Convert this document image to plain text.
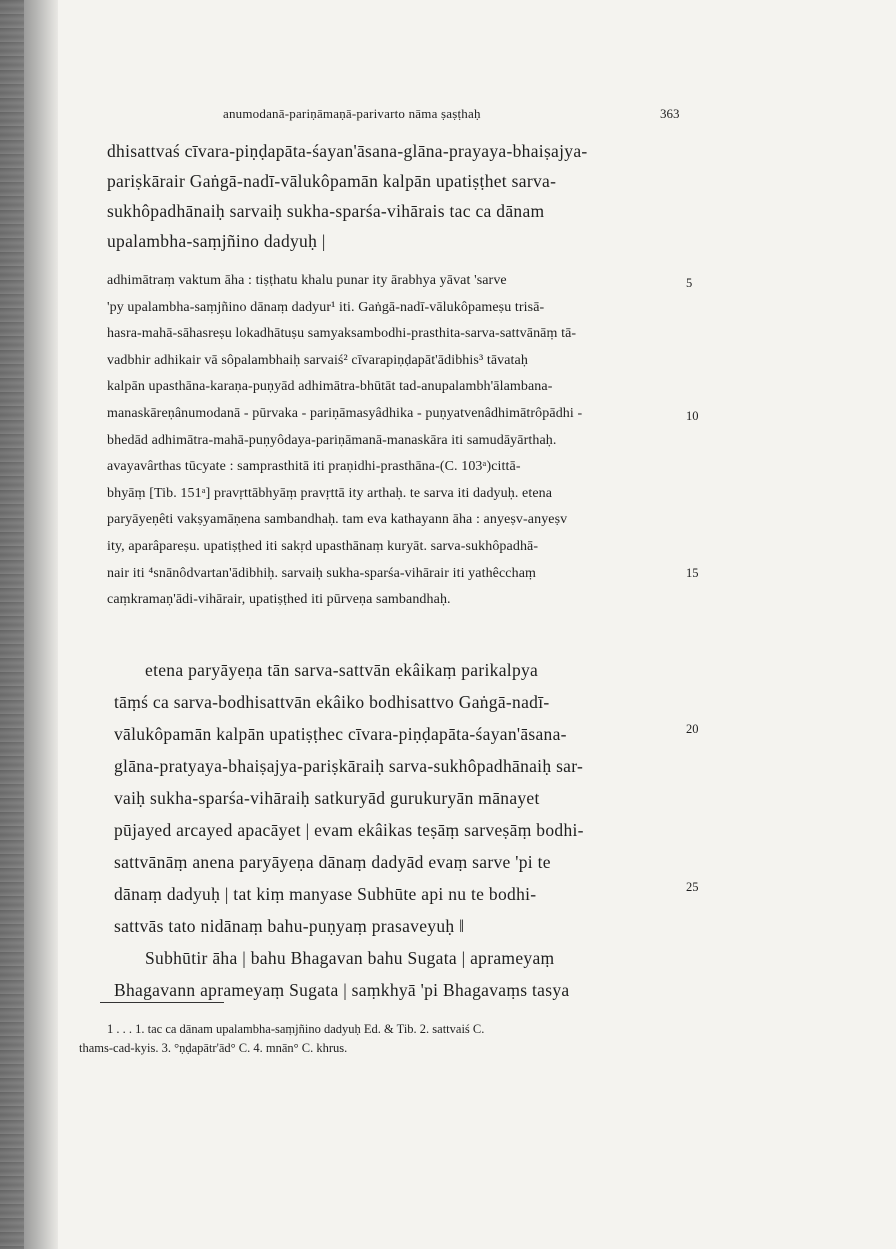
anumodanā-pariṇāmaṇā-parivarto nāma ṣaṣṭhaḥ	363
dhisattvaś cīvara-piṇḍapāta-śayan'āsana-glāna-prayaya-bhaiṣajya-
pariṣkārair Gaṅgā-nadī-vālukôpamān kalpān upatiṣṭhet sarva-
sukhôpadhānaiḥ sarvaiḥ sukha-sparśa-vihārais tac ca dānam
upalambha-saṃjñino dadyuḥ |
adhimātraṃ vaktum āha : tiṣṭhatu khalu punar ity ārabhya yāvat 'sarve
'py upalambha-saṃjñino dānaṃ dadyur¹ iti. Gaṅgā-nadī-vālukôpameṣu trisā-
hasra-mahā-sāhasreṣu lokadhātuṣu samyaksambodhi-prasthita-sarva-sattvānāṃ tā-
vadbhir adhikair vā sôpalambhaiḥ sarvaiś² cīvarapiṇḍapāt'ādibhis³ tāvataḥ
kalpān upasthāna-karaṇa-puṇyād adhimātra-bhūtāt tad-anupalambh'ālambana-
manaskāreṇânumodanā - pūrvaka - pariṇāmasyâdhika - puṇyatvenâdhimātrôpādhi -
bhedād adhimātra-mahā-puṇyôdaya-pariṇāmanā-manaskāra iti samudāyārthaḥ.
avayavârthas tūcyate : samprasthitā iti praṇidhi-prasthāna-(C. 103ᵃ)cittā-
bhyāṃ [Tib. 151ᵃ] pravṛttābhyāṃ pravṛttā ity arthaḥ. te sarva iti dadyuḥ. etena
paryāyeṇêti vakṣyamāṇena sambandhaḥ. tam eva kathayann āha : anyeṣv-anyeṣv
ity, aparâpareṣu. upatiṣṭhed iti sakṛd upasthānaṃ kuryāt. sarva-sukhôpadhā-
nair iti ⁴snānôdvartan'ādibhiḥ. sarvaiḥ sukha-sparśa-vihārair iti yathêcchaṃ
caṃkramaṇ'ādi-vihārair, upatiṣṭhed iti pūrveṇa sambandhaḥ.
5
10
15
etena paryāyeṇa tān sarva-sattvān ekâikaṃ parikalpya
tāṃś ca sarva-bodhisattvān ekâiko bodhisattvo Gaṅgā-nadī-
vālukôpamān kalpān upatiṣṭhec cīvara-piṇḍapāta-śayan'āsana-
glāna-pratyaya-bhaiṣajya-pariṣkāraiḥ sarva-sukhôpadhānaiḥ sar-
vaiḥ sukha-sparśa-vihāraiḥ satkuryād gurukuryān mānayet
pūjayed arcayed apacāyet | evam ekâikas teṣāṃ sarveṣāṃ bodhi-
sattvānāṃ anena paryāyeṇa dānaṃ dadyād evaṃ sarve 'pi te
dānaṃ dadyuḥ | tat kiṃ manyase Subhūte api nu te bodhi-
sattvās tato nidānaṃ bahu-puṇyaṃ prasaveyuḥ ‖
Subhūtir āha | bahu Bhagavan bahu Sugata | aprameyaṃ
Bhagavann aprameyaṃ Sugata | saṃkhyā 'pi Bhagavaṃs tasya
20
25
1 . . . 1. tac ca dānam upalambha-saṃjñino dadyuḥ Ed. & Tib. 2. sattvaiś C.
thams-cad-kyis. 3. °ṇḍapātr'ād° C. 4. mnān° C. khrus.
